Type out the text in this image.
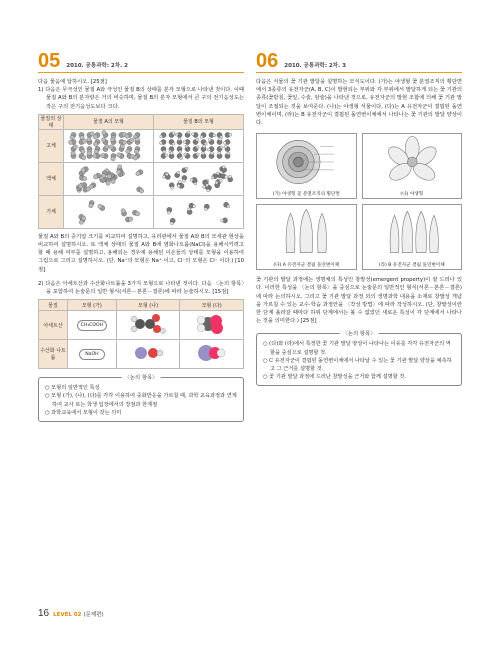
05 2010. 공통과학: 2차. 2

다음 물음에 답하시오. [25점]

1) 다음은 무극성인 물질 A와 극성인 물질 B의 상태를 분자 모형으로 나타낸 것이다. 이때 물질 A와 B의 분자량은 거의 비슷하며, 물질 B의 분자 모형에서 큰 구의 전기음성도는 작은 구의 전기음성도보다 크다.

물질의 상태	물질 A의 모형	물질 B의 모형
고체	

액체	

기체	

물질 A와 B의 증기압 크기를 비교하여 설명하고, 유리관에서 물질 A와 B의 모세관 현상을 비교하여 설명하시오. 또 액체 상태의 물질 A와 B에 염화나트륨(NaCl)을 용해시키려고 할 때 용해 여부를 설명하고, 용해되는 경우에 용해된 이온들의 상태를 모형을 이용하여 그림으로 그리고 설명하시오. (단, Na⁺의 모형은 Na⁺ 이고, Cl⁻의 모형은 Cl⁻ 이다.) [10점]

2) 다음은 아세트산과 수산화나트륨을 3가지 모형으로 나타낸 것이다. 다음 〈논의 항목〉을 포함하여 논술문의 일반 형식(서론－본론－결론)에 따라 논술하시오. [15점]

물질	모형 (가)	모형 (나)	모형 (다)
아세트산	CH₃COOH		
수산화 나트륨	NaOH		
〈논의 항목〉

○ 모형의 일반적인 특성

○ 모형 (가), (나), (다)를 각각 이용하여 중화반응을 가르칠 때, 과학 교육과정과 연계하여 교사 또는 학생 입장에서의 장점과 한계점

○ 과학교육에서 모형이 갖는 의미

06 2010. 공통과학: 2차. 3

다음은 식물의 꽃 기관 발달을 설명하는 모식도이다. (가)는 야생형 꽃 분열조직의 횡단면에서 3종류의 유전자군(A, B, C)이 발현되는 부위와 각 부위에서 발달하게 되는 꽃 기관의 종류(꽃받침, 꽃잎, 수술, 암술)을 나타낸 것으로, 유전자군의 발현 조합에 의해 꽃 기관 발달이 조절되는 것을 보여준다. (나)는 야생형 식물이다, (다)는 A 유전자군이 결핍된 돌연변이체이며, (라)는 B 유전자군이 결핍된 돌연변이체에서 나타나는 꽃 기관의 발달 양상이다.

(가) 야생형 꽃 분열조직의 횡단면	(나) 야생형
(다) A 유전자군 결핍 돌연변이체	(라) B 유전자군 결핍 돌연변이체

꽃 기관의 발달 과정에는 생명체의 특성인 창발성(emergent property)이 잘 드러나 있다. 이러한 특성을 〈논의 항목〉을 중심으로 논술문의 일반적인 형식(서론－본론－결론)에 따라 논의하시오. 그리고 꽃 기관 발달 과정 외의 생명과학 내용을 소재로 창발성 개념을 가르칠 수 있는 교수·학습 과정안을 〈작성 방법〉에 따라 작성하시오. (단, 창발성이란 한 단계 올라갈 때마다 하위 단계에서는 볼 수 없었던 새로운 특성이 각 단계에서 나타나는 것을 의미한다.) [25점]

〈논의 항목〉

○ (다)와 (라)에서 특정한 꽃 기관 발달 양상이 나타나는 이유를 각각 유전자군의 역할을 중심으로 설명할 것.

○ C 유전자군이 결핍된 돌연변이체에서 나타날 수 있는 꽃 기관 발달 양상을 예측하고 그 근거를 설명할 것.

○ 꽃 기관 발달 과정에 드러난 창발성을 근거와 함께 설명할 것.

16 LEVEL 02 (문제편)
